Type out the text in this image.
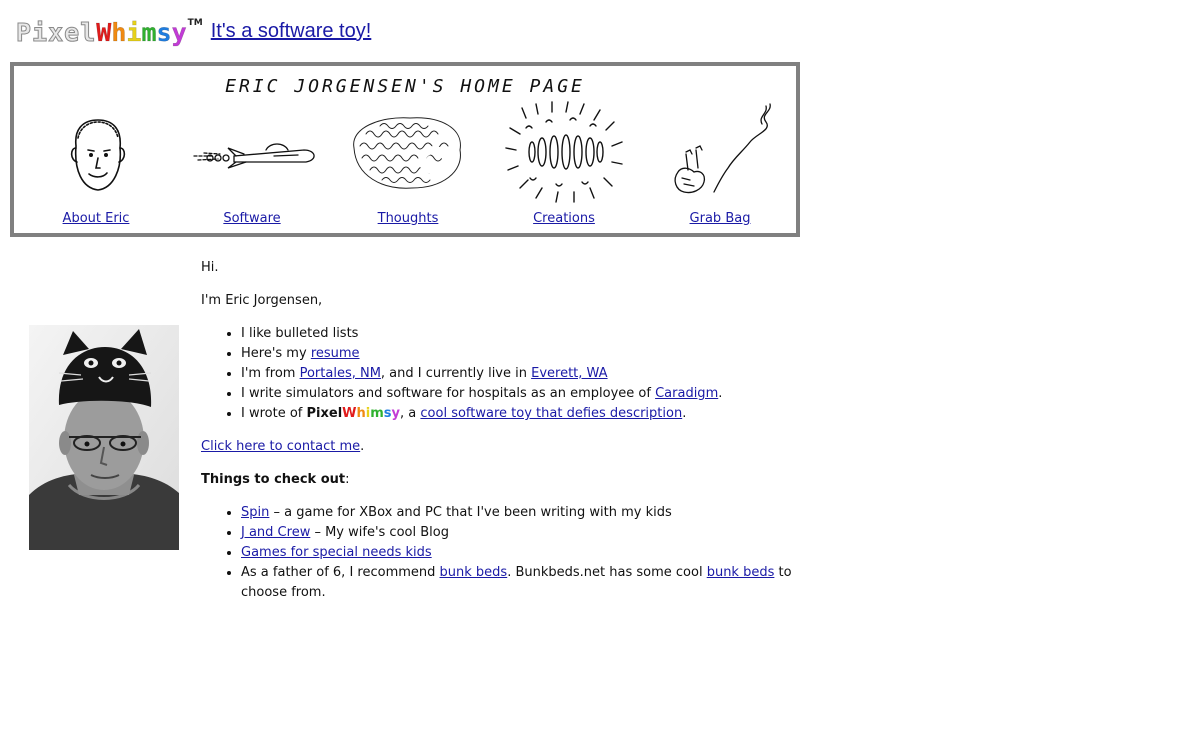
Pixel Whimsy TM It's a software toy!
ERIC JORGENSEN'S HOME PAGE
About Eric	Software	Thoughts	Creations	Grab Bag

Hi.

I'm Eric Jorgensen,

• I like bulleted lists
• Here's my resume
• I'm from Portales, NM, and I currently live in Everett, WA
• I write simulators and software for hospitals as an employee of Caradigm.
• I wrote of PixelWhimsy, a cool software toy that defies description.

Click here to contact me.

Things to check out:

• Spin – a game for XBox and PC that I've been writing with my kids
• J and Crew – My wife's cool Blog
• Games for special needs kids
• As a father of 6, I recommend bunk beds. Bunkbeds.net has some cool bunk beds to choose from.
